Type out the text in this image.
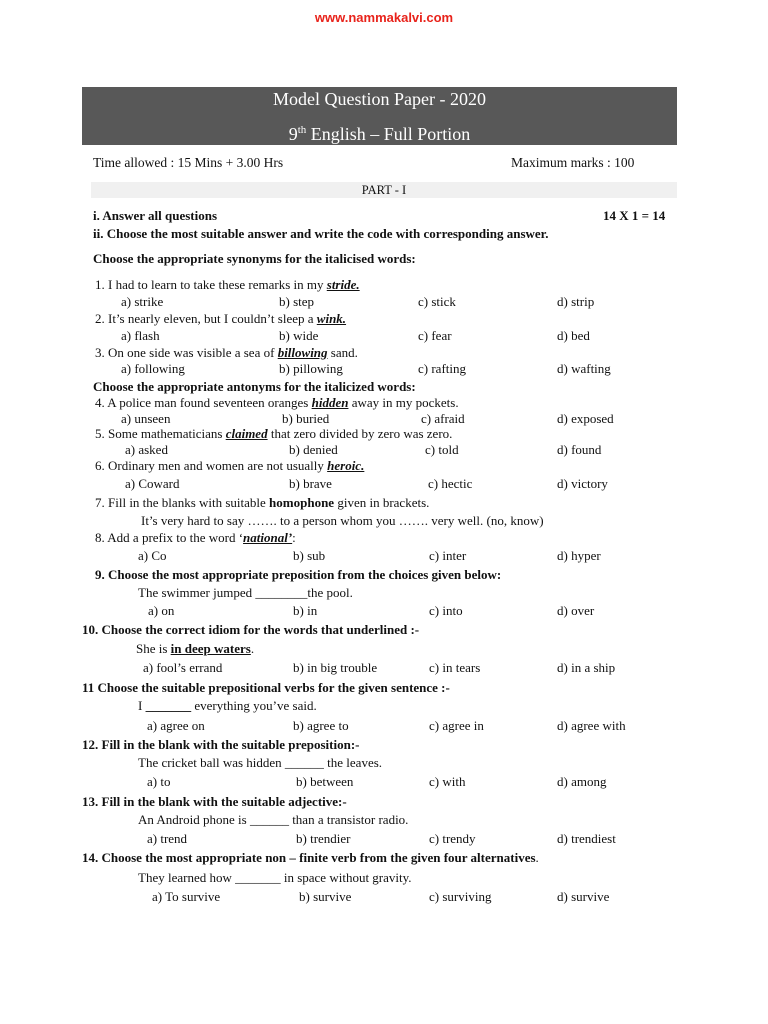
www.nammakalvi.com
Model Question Paper - 2020
9th English – Full Portion
Time allowed : 15 Mins + 3.00 Hrs	Maximum marks : 100
PART - I
i. Answer all questions	14 X 1 = 14
ii. Choose the most suitable answer and write the code with corresponding answer.
Choose the appropriate synonyms for the italicised words:
1. I had to learn to take these remarks in my stride.
a) strike	b) step	c) stick	d) strip
2. It’s nearly eleven, but I couldn’t sleep a wink.
a) flash	b) wide	c) fear	d) bed
3. On one side was visible a sea of billowing sand.
a) following	b) pillowing	c) rafting	d) wafting
Choose the appropriate antonyms for the italicized words:
4. A police man found seventeen oranges hidden away in my pockets.
a) unseen	b) buried	c) afraid	d) exposed
5. Some mathematicians claimed that zero divided by zero was zero.
a) asked	b) denied	c) told	d) found
6. Ordinary men and women are not usually heroic.
a) Coward	b) brave	c) hectic	d) victory
7. Fill in the blanks with suitable homophone given in brackets.
It’s very hard to say ……. to a person whom you ……. very well. (no, know)
8. Add a prefix to the word ‘national’:
a) Co	b) sub	c) inter	d) hyper
9. Choose the most appropriate preposition from the choices given below:
The swimmer jumped ________the pool.
a) on	b) in	c) into	d) over
10. Choose the correct idiom for the words that underlined :-
She is in deep waters.
a) fool’s errand	b) in big trouble	c) in tears	d) in a ship
11 Choose the suitable prepositional verbs for the given sentence :-
I _______ everything you’ve said.
a) agree on	b) agree to	c) agree in	d) agree with
12. Fill in the blank with the suitable preposition:-
The cricket ball was hidden ______ the leaves.
a) to	b) between	c) with	d) among
13. Fill in the blank with the suitable adjective:-
An Android phone is ______ than a transistor radio.
a) trend	b) trendier	c) trendy	d) trendiest
14. Choose the most appropriate non – finite verb from the given four alternatives.
They learned how _______ in space without gravity.
a) To survive	b) survive	c) surviving	d) survive
